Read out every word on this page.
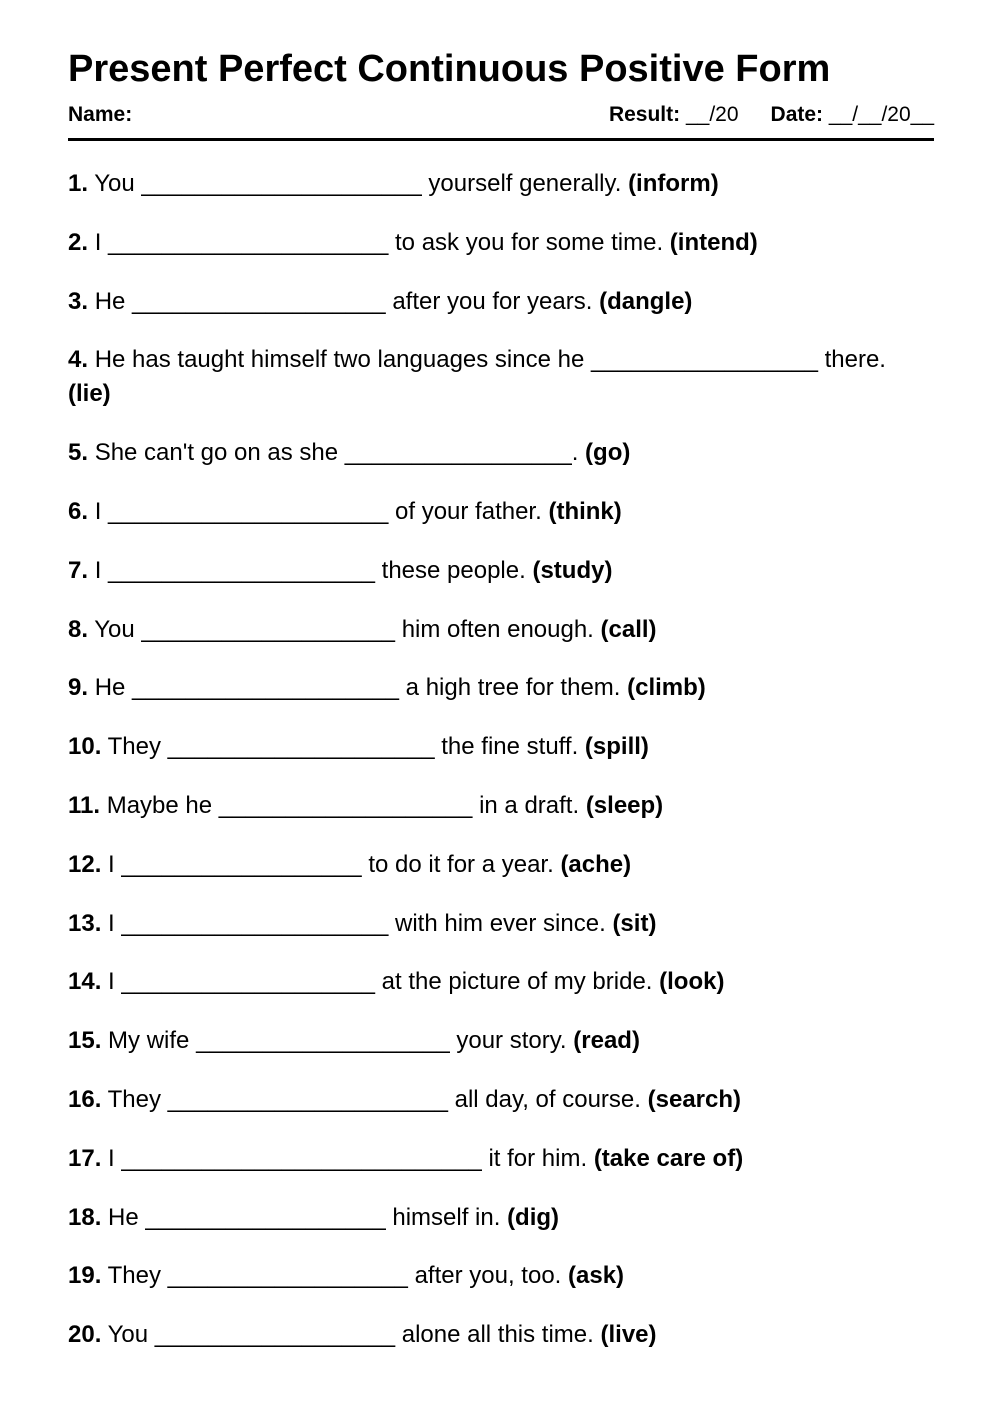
Present Perfect Continuous Positive Form
Name:	Result: __/20 Date: __/__/20__
1. You _____________________ yourself generally. (inform)
2. I _____________________ to ask you for some time. (intend)
3. He ___________________ after you for years. (dangle)
4. He has taught himself two languages since he _________________ there. (lie)
5. She can't go on as she _________________. (go)
6. I _____________________ of your father. (think)
7. I ____________________ these people. (study)
8. You ___________________ him often enough. (call)
9. He ____________________ a high tree for them. (climb)
10. They ____________________ the fine stuff. (spill)
11. Maybe he ___________________ in a draft. (sleep)
12. I __________________ to do it for a year. (ache)
13. I ____________________ with him ever since. (sit)
14. I ___________________ at the picture of my bride. (look)
15. My wife ___________________ your story. (read)
16. They _____________________ all day, of course. (search)
17. I ___________________________ it for him. (take care of)
18. He __________________ himself in. (dig)
19. They __________________ after you, too. (ask)
20. You __________________ alone all this time. (live)
